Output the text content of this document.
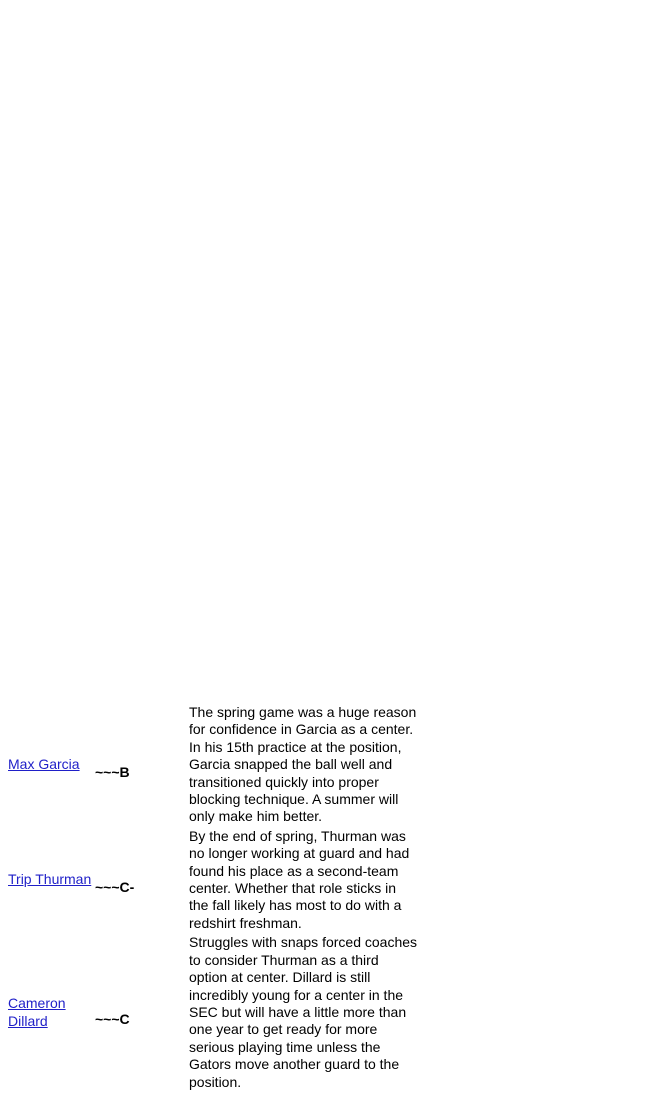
Max Garcia	~~~B	The spring game was a huge reason for confidence in Garcia as a center. In his 15th practice at the position, Garcia snapped the ball well and transitioned quickly into proper blocking technique. A summer will only make him better.
Trip Thurman	~~~C-	By the end of spring, Thurman was no longer working at guard and had found his place as a second-team center. Whether that role sticks in the fall likely has most to do with a redshirt freshman.
Cameron Dillard	~~~C	Struggles with snaps forced coaches to consider Thurman as a third option at center. Dillard is still incredibly young for a center in the SEC but will have a little more than one year to get ready for more serious playing time unless the Gators move another guard to the position.
